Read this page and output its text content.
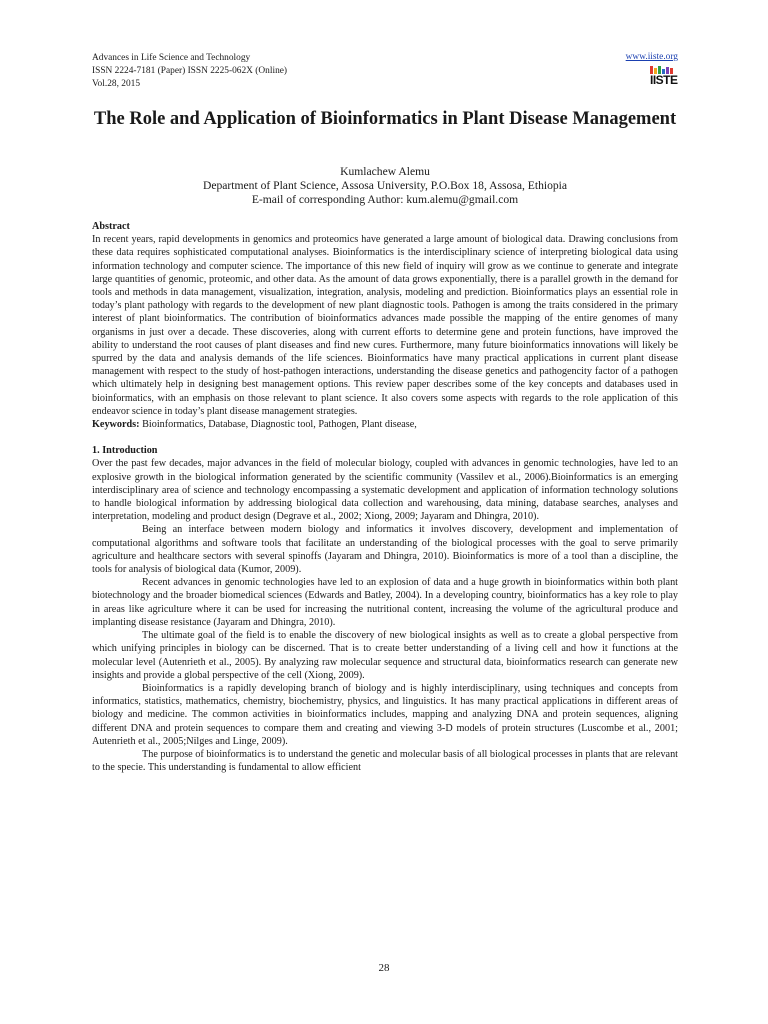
Advances in Life Science and Technology
ISSN 2224-7181 (Paper) ISSN 2225-062X (Online)
Vol.28, 2015
www.iiste.org
IISTE
The Role and Application of Bioinformatics in Plant Disease Management
Kumlachew Alemu
Department of Plant Science, Assosa University, P.O.Box 18, Assosa, Ethiopia
E-mail of corresponding Author: kum.alemu@gmail.com
Abstract

In recent years, rapid developments in genomics and proteomics have generated a large amount of biological data. Drawing conclusions from these data requires sophisticated computational analyses. Bioinformatics is the interdisciplinary science of interpreting biological data using information technology and computer science. The importance of this new field of inquiry will grow as we continue to generate and integrate large quantities of genomic, proteomic, and other data. As the amount of data grows exponentially, there is a parallel growth in the demand for tools and methods in data management, visualization, integration, analysis, modeling and prediction. Bioinformatics plays an essential role in today’s plant pathology with regards to the development of new plant diagnostic tools. Pathogen is among the traits considered in the primary interest of plant bioinformatics. The contribution of bioinformatics advances made possible the mapping of the entire genomes of many organisms in just over a decade. These discoveries, along with current efforts to determine gene and protein functions, have improved the ability to understand the root causes of plant diseases and find new cures. Furthermore, many future bioinformatics innovations will likely be spurred by the data and analysis demands of the life sciences. Bioinformatics have many practical applications in current plant disease management with respect to the study of host-pathogen interactions, understanding the disease genetics and pathogencity factor of a pathogen which ultimately help in designing best management options. This review paper describes some of the key concepts and databases used in bioinformatics, with an emphasis on those relevant to plant science. It also covers some aspects with regards to the role application of this endeavor science in today’s plant disease management strategies.

Keywords: Bioinformatics, Database, Diagnostic tool, Pathogen, Plant disease,

1. Introduction

Over the past few decades, major advances in the field of molecular biology, coupled with advances in genomic technologies, have led to an explosive growth in the biological information generated by the scientific community (Vassilev et al., 2006).Bioinformatics is an emerging interdisciplinary area of science and technology encompassing a systematic development and application of information technology solutions to handle biological information by addressing biological data collection and warehousing, data mining, database searches, analyses and interpretation, modeling and product design (Degrave et al., 2002; Xiong, 2009; Jayaram and Dhingra, 2010).

Being an interface between modern biology and informatics it involves discovery, development and implementation of computational algorithms and software tools that facilitate an understanding of the biological processes with the goal to serve primarily agriculture and healthcare sectors with several spinoffs (Jayaram and Dhingra, 2010). Bioinformatics is more of a tool than a discipline, the tools for analysis of biological data (Kumor, 2009).

Recent advances in genomic technologies have led to an explosion of data and a huge growth in bioinformatics within both plant biotechnology and the broader biomedical sciences (Edwards and Batley, 2004). In a developing country, bioinformatics has a key role to play in areas like agriculture where it can be used for increasing the nutritional content, increasing the volume of the agricultural produce and implanting disease resistance (Jayaram and Dhingra, 2010).

The ultimate goal of the field is to enable the discovery of new biological insights as well as to create a global perspective from which unifying principles in biology can be discerned. That is to create better understanding of a living cell and how it functions at the molecular level (Autenrieth et al., 2005). By analyzing raw molecular sequence and structural data, bioinformatics research can generate new insights and provide a global perspective of the cell (Xiong, 2009).

Bioinformatics is a rapidly developing branch of biology and is highly interdisciplinary, using techniques and concepts from informatics, statistics, mathematics, chemistry, biochemistry, physics, and linguistics. It has many practical applications in different areas of biology and medicine. The common activities in bioinformatics includes, mapping and analyzing DNA and protein sequences, aligning different DNA and protein sequences to compare them and creating and viewing 3-D models of protein structures (Luscombe et al., 2001; Autenrieth et al., 2005;Nilges and Linge, 2009).

The purpose of bioinformatics is to understand the genetic and molecular basis of all biological processes in plants that are relevant to the specie. This understanding is fundamental to allow efficient

28
